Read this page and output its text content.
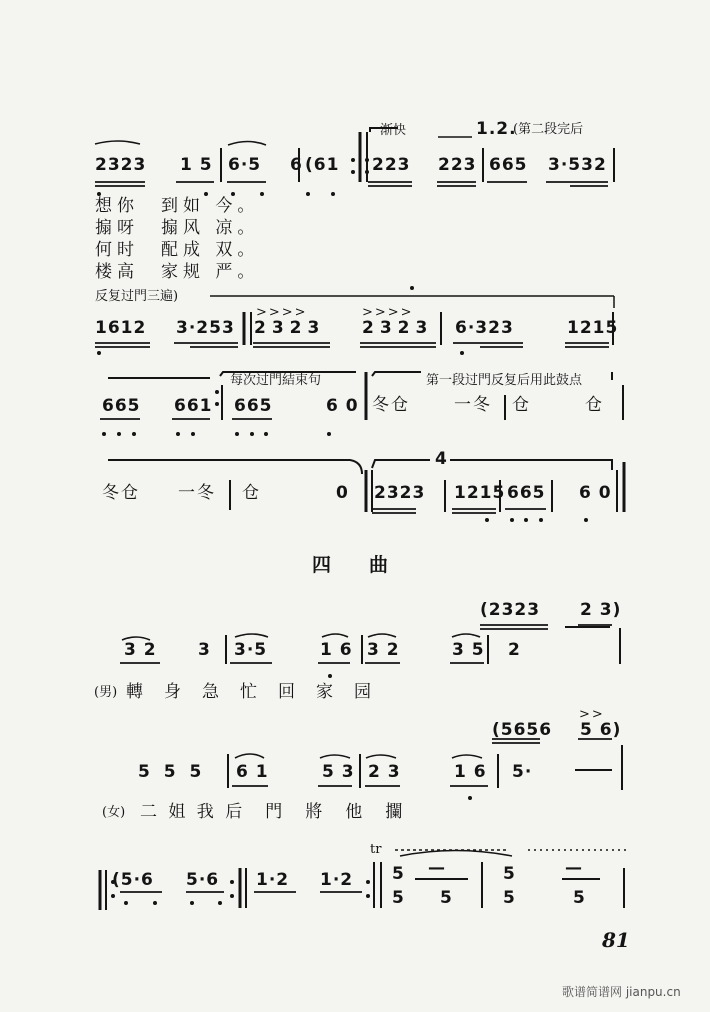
渐快	1.2.
(第二段完后
2323 1 5 6·5 6 (61 223 223 665 3·532
想你　到如 今。
搧呀　搧风 凉。
何时　配成 双。
楼高　家规 严。
反复过門三遍)
>>>>	>>>>
1612 3·253 2323 2323 6·323	1215
每次过門結束句	第一段过門反复后用此鼓点
665 661 665	6 0 冬仓	一冬 仓	仓
4
冬仓 一冬 仓	0 2323 1215 665 6 0
四　　曲
(2323 2 3)
3 2 3 3·5	1 6 3 2	3 5 2
(男) 轉　身　急　忙　回　家　园
>>
(5656 5 6)
5 5 5 6 1	5 3 2 3	1 6 5·
(女) 二 姐 我 后　門　將　他　攔
tr
(5·6 5·6 1·2 1·2 5 —	5	—
5 5	5	5
81
歌谱简谱网 jianpu.cn
